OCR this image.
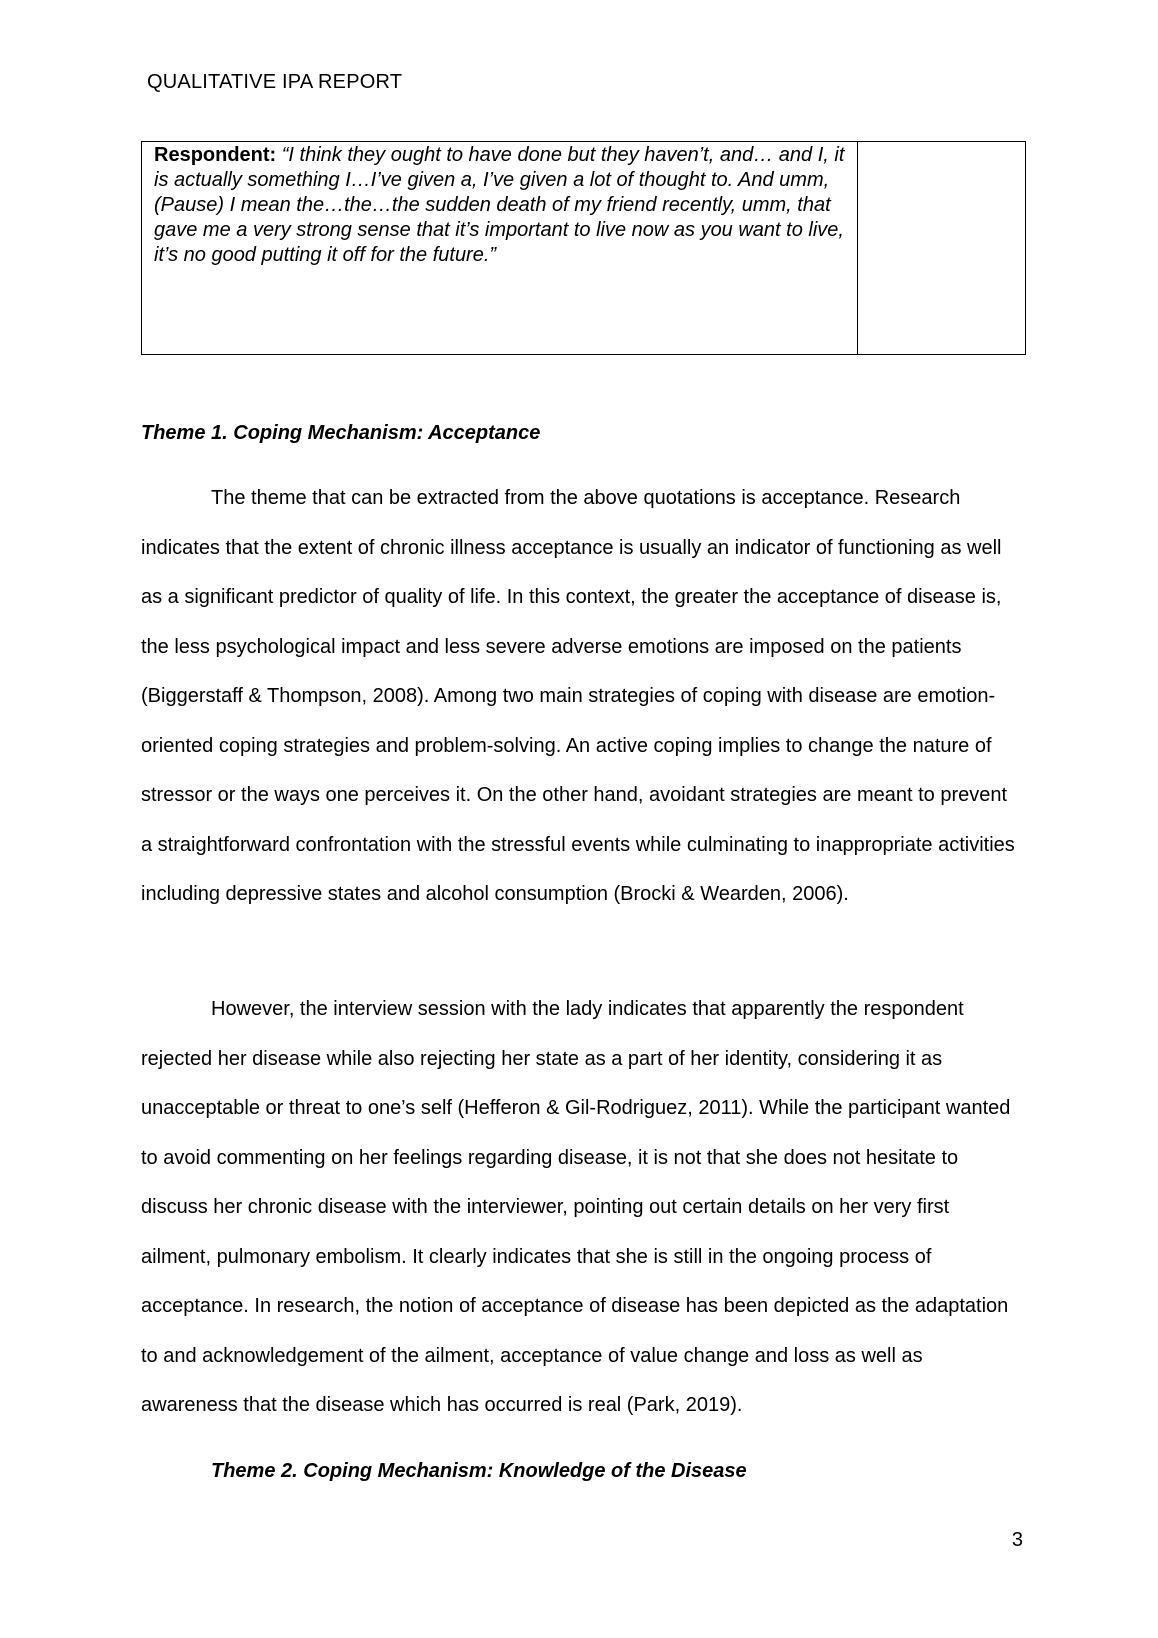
QUALITATIVE IPA REPORT
Respondent: “I think they ought to have done but they haven’t, and… and I, it is actually something I…I’ve given a, I’ve given a lot of thought to. And umm, (Pause) I mean the…the…the sudden death of my friend recently, umm, that gave me a very strong sense that it’s important to live now as you want to live, it’s no good putting it off for the future.”

Theme 1. Coping Mechanism: Acceptance

The theme that can be extracted from the above quotations is acceptance. Research indicates that the extent of chronic illness acceptance is usually an indicator of functioning as well as a significant predictor of quality of life. In this context, the greater the acceptance of disease is, the less psychological impact and less severe adverse emotions are imposed on the patients (Biggerstaff & Thompson, 2008). Among two main strategies of coping with disease are emotion-oriented coping strategies and problem-solving. An active coping implies to change the nature of stressor or the ways one perceives it. On the other hand, avoidant strategies are meant to prevent a straightforward confrontation with the stressful events while culminating to inappropriate activities including depressive states and alcohol consumption (Brocki & Wearden, 2006).

However, the interview session with the lady indicates that apparently the respondent rejected her disease while also rejecting her state as a part of her identity, considering it as unacceptable or threat to one’s self (Hefferon & Gil-Rodriguez, 2011). While the participant wanted to avoid commenting on her feelings regarding disease, it is not that she does not hesitate to discuss her chronic disease with the interviewer, pointing out certain details on her very first ailment, pulmonary embolism. It clearly indicates that she is still in the ongoing process of acceptance. In research, the notion of acceptance of disease has been depicted as the adaptation to and acknowledgement of the ailment, acceptance of value change and loss as well as awareness that the disease which has occurred is real (Park, 2019).

Theme 2. Coping Mechanism: Knowledge of the Disease
3
